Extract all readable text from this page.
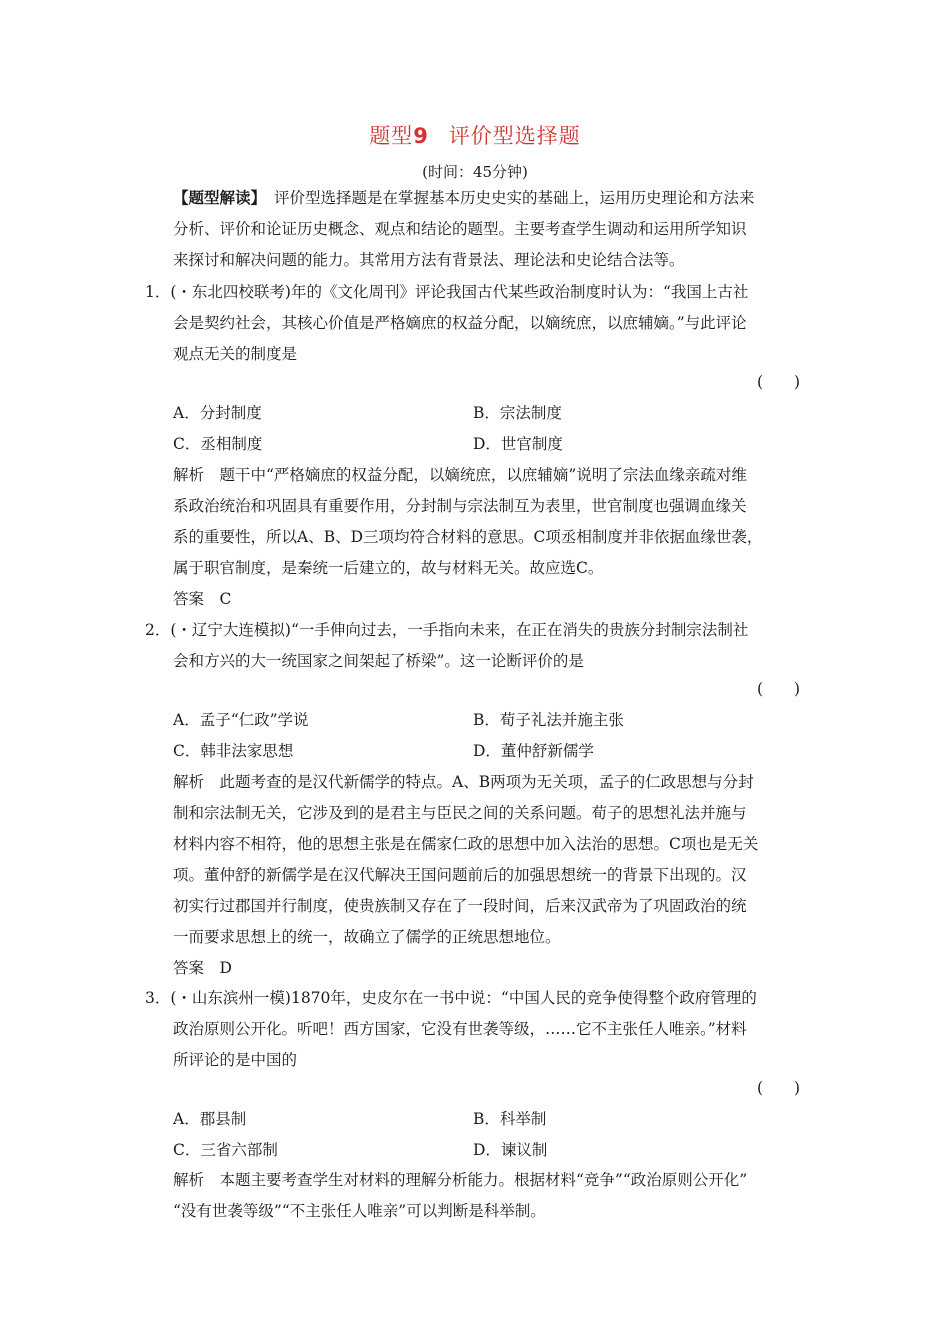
题型9 评价型选择题
(时间：45分钟)
【题型解读】 评价型选择题是在掌握基本历史史实的基础上，运用历史理论和方法来
分析、评价和论证历史概念、观点和结论的题型。主要考查学生调动和运用所学知识
来探讨和解决问题的能力。其常用方法有背景法、理论法和史论结合法等。
1．(・东北四校联考)年的《文化周刊》评论我国古代某些政治制度时认为：“我国上古社
会是契约社会，其核心价值是严格嫡庶的权益分配，以嫡统庶，以庶辅嫡。”与此评论
观点无关的制度是
(　　)
A．分封制度	B．宗法制度
C．丞相制度	D．世官制度
解析　题干中“严格嫡庶的权益分配，以嫡统庶，以庶辅嫡”说明了宗法血缘亲疏对维
系政治统治和巩固具有重要作用，分封制与宗法制互为表里，世官制度也强调血缘关
系的重要性，所以A、B、D三项均符合材料的意思。C项丞相制度并非依据血缘世袭，
属于职官制度，是秦统一后建立的，故与材料无关。故应选C。
答案　C
2．(・辽宁大连模拟)“一手伸向过去，一手指向未来，在正在消失的贵族分封制宗法制社
会和方兴的大一统国家之间架起了桥梁”。这一论断评价的是
(　　)
A．孟子“仁政”学说	B．荀子礼法并施主张
C．韩非法家思想	D．董仲舒新儒学
解析　此题考查的是汉代新儒学的特点。A、B两项为无关项，孟子的仁政思想与分封
制和宗法制无关，它涉及到的是君主与臣民之间的关系问题。荀子的思想礼法并施与
材料内容不相符，他的思想主张是在儒家仁政的思想中加入法治的思想。C项也是无关
项。董仲舒的新儒学是在汉代解决王国问题前后的加强思想统一的背景下出现的。汉
初实行过郡国并行制度，使贵族制又存在了一段时间，后来汉武帝为了巩固政治的统
一而要求思想上的统一，故确立了儒学的正统思想地位。
答案　D
3．(・山东滨州一模)1870年，史皮尔在一书中说：“中国人民的竞争使得整个政府管理的
政治原则公开化。听吧！西方国家，它没有世袭等级，……它不主张任人唯亲。”材料
所评论的是中国的
(　　)
A．郡县制	B．科举制
C．三省六部制	D．谏议制
解析　本题主要考查学生对材料的理解分析能力。根据材料“竞争”“政治原则公开化”
“没有世袭等级”“不主张任人唯亲”可以判断是科举制。
